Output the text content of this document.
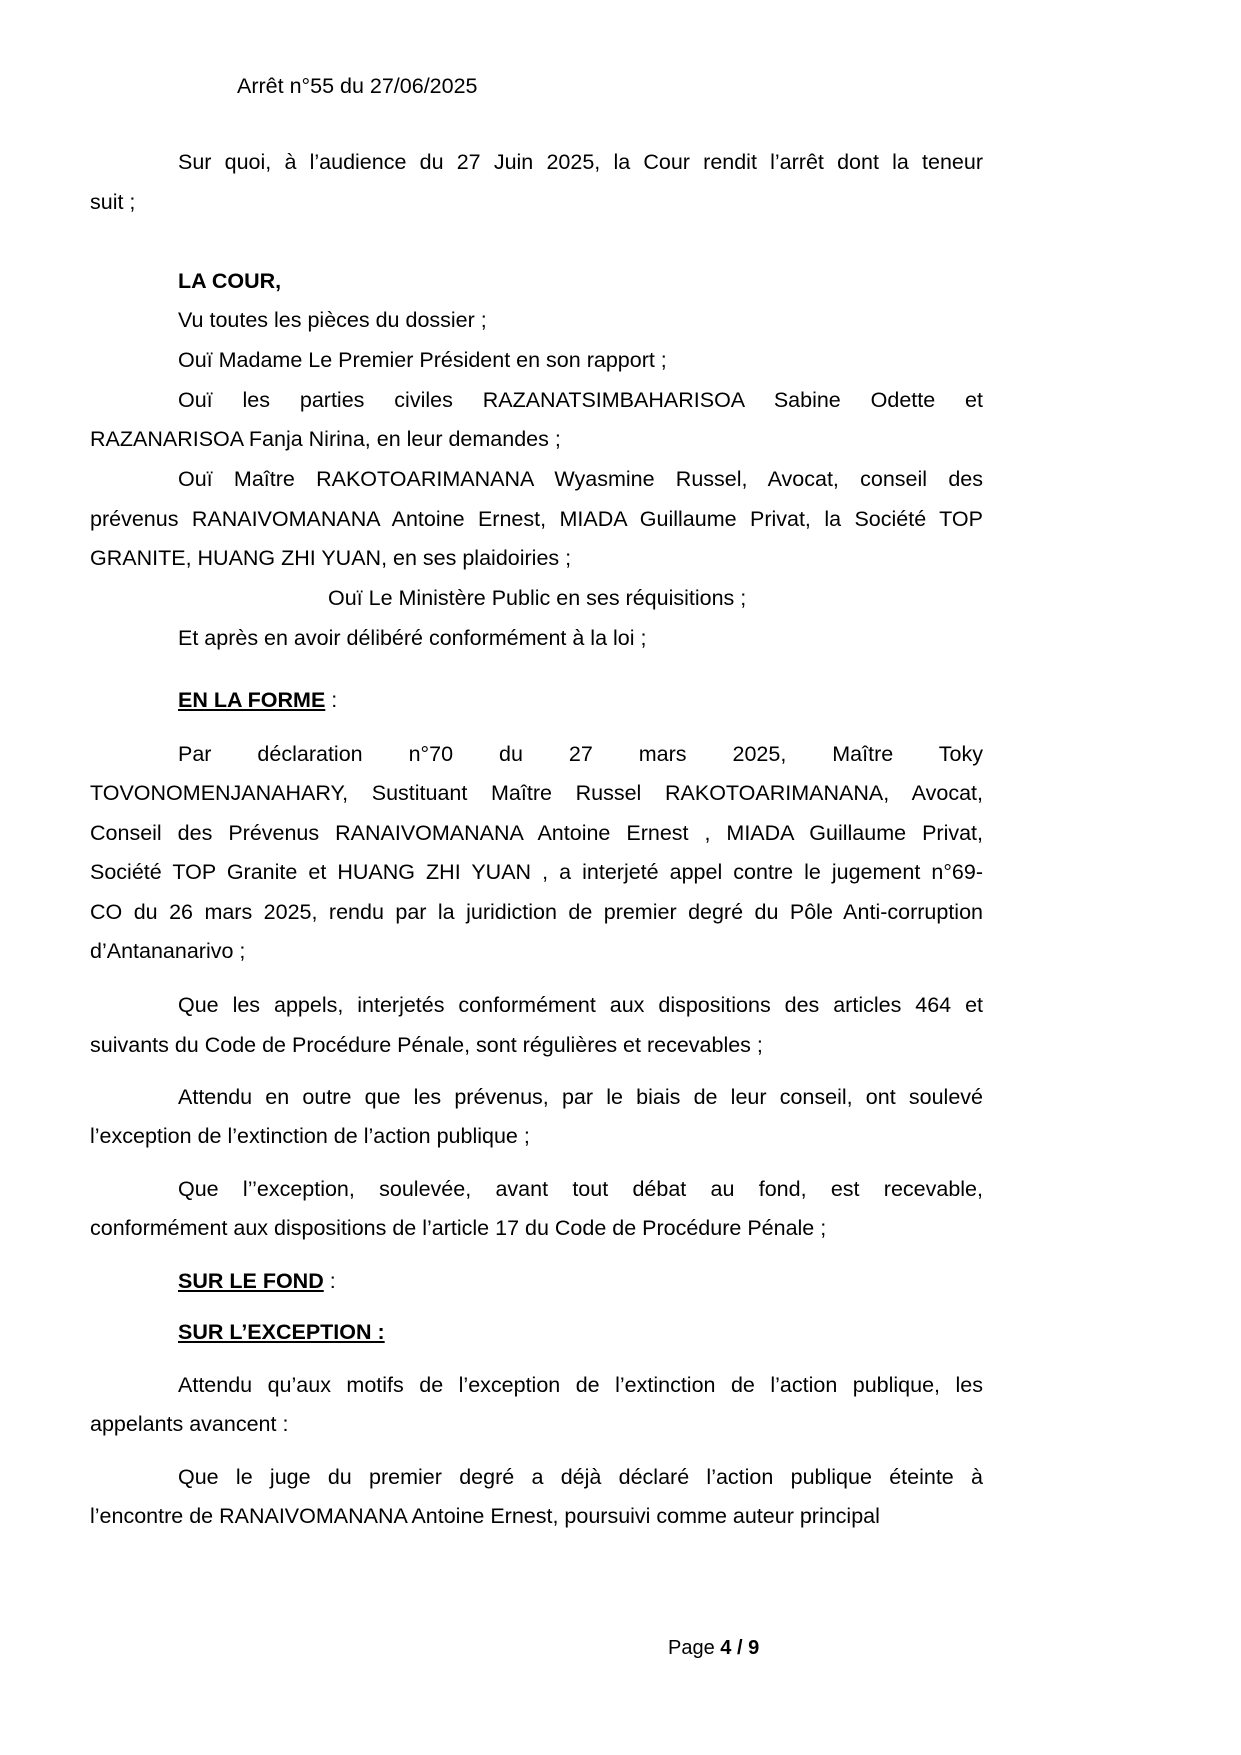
Arrêt n°55 du 27/06/2025

Sur quoi, à l’audience du 27 Juin 2025, la Cour rendit l’arrêt dont la teneur

suit ;

LA COUR,

Vu toutes les pièces du dossier ;

Ouï Madame Le Premier Président en son rapport ;

Ouï les parties civiles RAZANATSIMBAHARISOA Sabine Odette et

RAZANARISOA Fanja Nirina, en leur demandes ;

Ouï Maître RAKOTOARIMANANA Wyasmine Russel, Avocat, conseil des

prévenus RANAIVOMANANA Antoine Ernest, MIADA Guillaume Privat, la Société TOP

GRANITE, HUANG ZHI YUAN, en ses plaidoiries ;

Ouï Le Ministère Public en ses réquisitions ;

Et après en avoir délibéré conformément à la loi ;

EN LA FORME :

Par déclaration n°70 du 27 mars 2025, Maître Toky

TOVONOMENJANAHARY, Sustituant Maître Russel RAKOTOARIMANANA, Avocat,

Conseil des Prévenus RANAIVOMANANA Antoine Ernest , MIADA Guillaume Privat,

Société TOP Granite et HUANG ZHI YUAN , a interjeté appel contre le jugement n°69-

CO du 26 mars 2025, rendu par la juridiction de premier degré du Pôle Anti-corruption

d’Antananarivo ;

Que les appels, interjetés conformément aux dispositions des articles 464 et

suivants du Code de Procédure Pénale, sont régulières et recevables ;

Attendu en outre que les prévenus, par le biais de leur conseil, ont soulevé

l’exception de l’extinction de l’action publique ;

Que l’’exception, soulevée, avant tout débat au fond, est recevable,

conformément aux dispositions de l’article 17 du Code de Procédure Pénale ;

SUR LE FOND :

SUR L’EXCEPTION :

Attendu qu’aux motifs de l’exception de l’extinction de l’action publique, les

appelants avancent :

Que le juge du premier degré a déjà déclaré l’action publique éteinte à

l’encontre de RANAIVOMANANA Antoine Ernest, poursuivi comme auteur principal

Page 4 / 9
